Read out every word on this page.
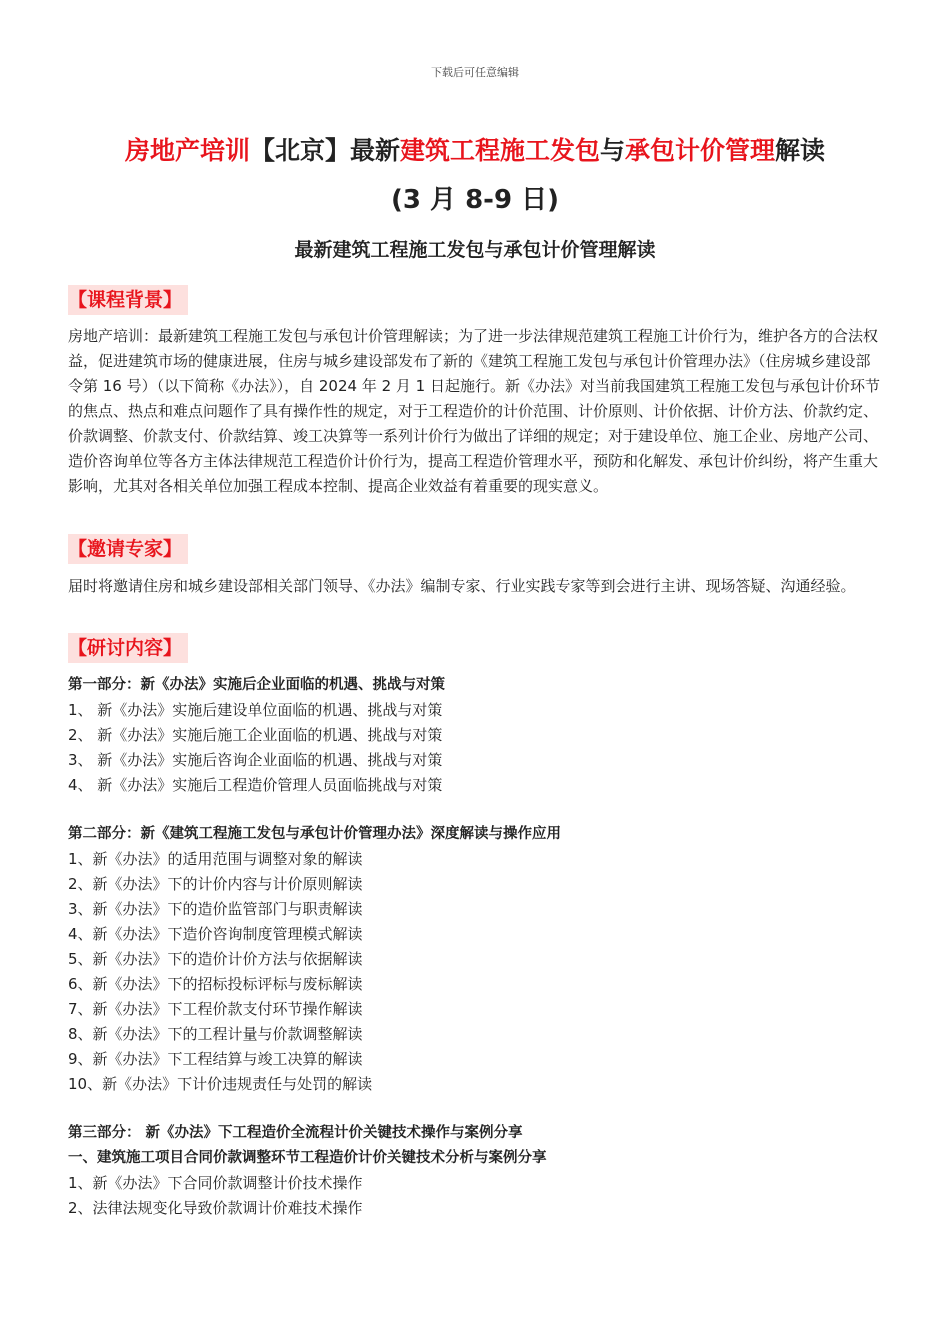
下载后可任意编辑
房地产培训【北京】最新建筑工程施工发包与承包计价管理解读
(3 月 8-9 日)
最新建筑工程施工发包与承包计价管理解读
【课程背景】

房地产培训：最新建筑工程施工发包与承包计价管理解读；为了进一步法律规范建筑工程施工计价行为，维护各方的合法权益，促进建筑市场的健康进展，住房与城乡建设部发布了新的《建筑工程施工发包与承包计价管理办法》（住房城乡建设部令第 16 号）（以下简称《办法》），自 2024 年 2 月 1 日起施行。新《办法》对当前我国建筑工程施工发包与承包计价环节的焦点、热点和难点问题作了具有操作性的规定，对于工程造价的计价范围、计价原则、计价依据、计价方法、价款约定、价款调整、价款支付、价款结算、竣工决算等一系列计价行为做出了详细的规定；对于建设单位、施工企业、房地产公司、造价咨询单位等各方主体法律规范工程造价计价行为，提高工程造价管理水平，预防和化解发、承包计价纠纷，将产生重大影响，尤其对各相关单位加强工程成本控制、提高企业效益有着重要的现实意义。

【邀请专家】

届时将邀请住房和城乡建设部相关部门领导、《办法》编制专家、行业实践专家等到会进行主讲、现场答疑、沟通经验。

【研讨内容】
第一部分：新《办法》实施后企业面临的机遇、挑战与对策
1、 新《办法》实施后建设单位面临的机遇、挑战与对策
2、 新《办法》实施后施工企业面临的机遇、挑战与对策
3、 新《办法》实施后咨询企业面临的机遇、挑战与对策
4、 新《办法》实施后工程造价管理人员面临挑战与对策
第二部分：新《建筑工程施工发包与承包计价管理办法》深度解读与操作应用
1、新《办法》的适用范围与调整对象的解读
2、新《办法》下的计价内容与计价原则解读
3、新《办法》下的造价监管部门与职责解读
4、新《办法》下造价咨询制度管理模式解读
5、新《办法》下的造价计价方法与依据解读
6、新《办法》下的招标投标评标与废标解读
7、新《办法》下工程价款支付环节操作解读
8、新《办法》下的工程计量与价款调整解读
9、新《办法》下工程结算与竣工决算的解读
10、新《办法》下计价违规责任与处罚的解读
第三部分： 新《办法》下工程造价全流程计价关键技术操作与案例分享
一、建筑施工项目合同价款调整环节工程造价计价关键技术分析与案例分享
1、新《办法》下合同价款调整计价技术操作
2、法律法规变化导致价款调计价难技术操作
